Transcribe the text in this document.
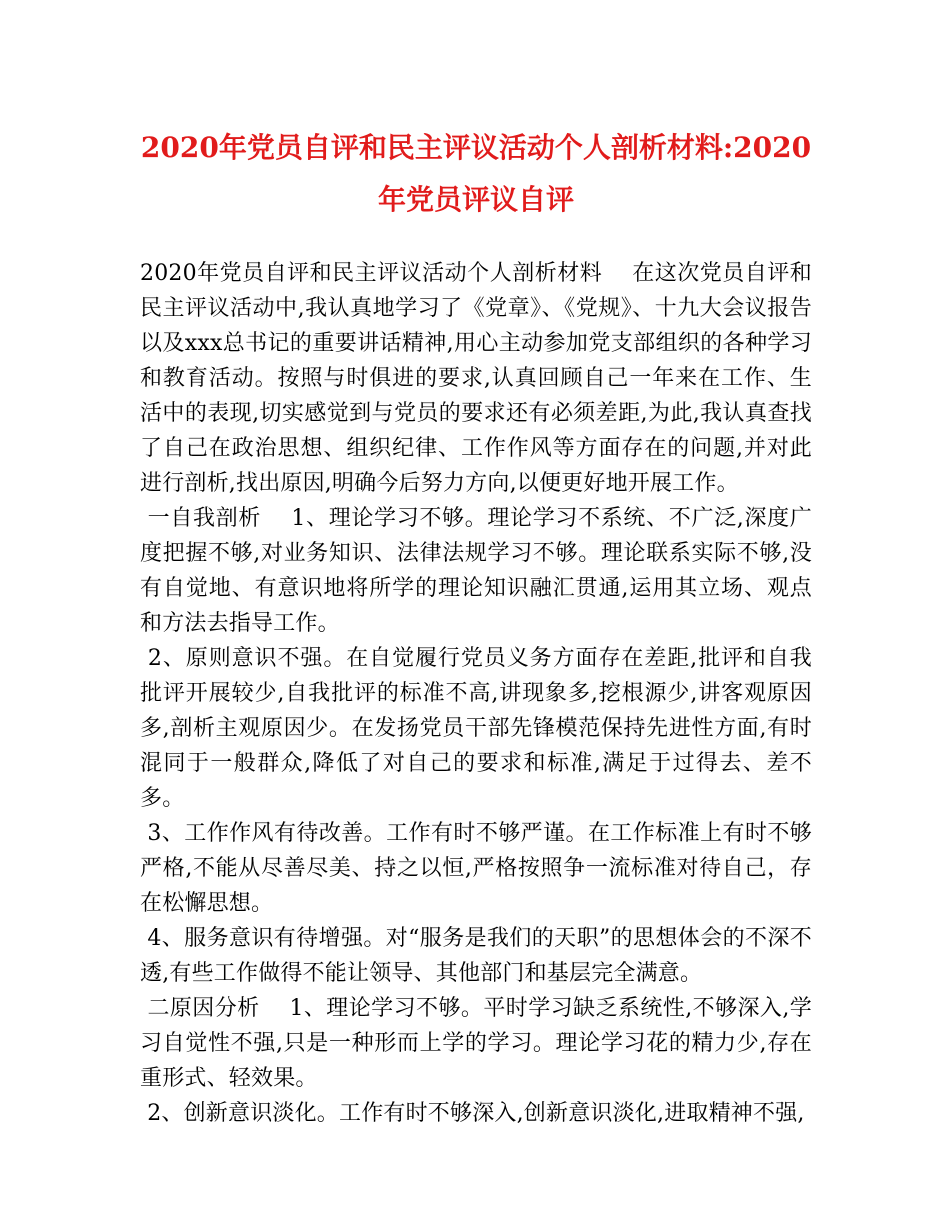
2020年党员自评和民主评议活动个人剖析材料:2020年党员评议自评

2020年党员自评和民主评议活动个人剖析材料　 在这次党员自评和民主评议活动中,我认真地学习了《党章》、《党规》、十九大会议报告以及xxx总书记的重要讲话精神,用心主动参加党支部组织的各种学习和教育活动。按照与时俱进的要求,认真回顾自己一年来在工作、生活中的表现,切实感觉到与党员的要求还有必须差距,为此,我认真查找了自己在政治思想、组织纪律、工作作风等方面存在的问题,并对此进行剖析,找出原因,明确今后努力方向,以便更好地开展工作。

一自我剖析　 1、理论学习不够。理论学习不系统、不广泛,深度广度把握不够,对业务知识、法律法规学习不够。理论联系实际不够,没有自觉地、有意识地将所学的理论知识融汇贯通,运用其立场、观点和方法去指导工作。

2、原则意识不强。在自觉履行党员义务方面存在差距,批评和自我批评开展较少,自我批评的标准不高,讲现象多,挖根源少,讲客观原因多,剖析主观原因少。在发扬党员干部先锋模范保持先进性方面,有时混同于一般群众,降低了对自己的要求和标准,满足于过得去、差不多。

3、工作作风有待改善。工作有时不够严谨。在工作标准上有时不够严格,不能从尽善尽美、持之以恒,严格按照争一流标准对待自己，存在松懈思想。

4、服务意识有待增强。对“服务是我们的天职”的思想体会的不深不透,有些工作做得不能让领导、其他部门和基层完全满意。

二原因分析　 1、理论学习不够。平时学习缺乏系统性,不够深入,学习自觉性不强,只是一种形而上学的学习。理论学习花的精力少,存在重形式、轻效果。

2、创新意识淡化。工作有时不够深入,创新意识淡化,进取精神不强,
